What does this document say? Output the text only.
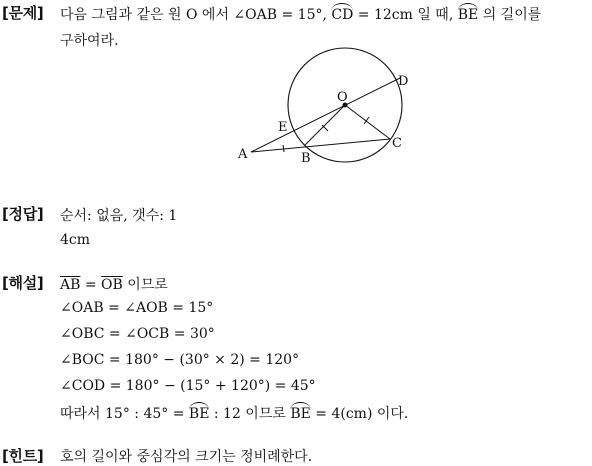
[문제] 다음 그림과 같은 원 O 에서 ∠OAB = 15°, CD = 12cm 일 때, BE 의 길이를
구하여라.
O
D
E
A	B
C
[정답] 순서: 없음, 갯수: 1
4cm
[해설] $\overline{AB} = \overline{OB}$ 이므로
∠OAB = ∠AOB = 15°
∠OBC = ∠OCB = 30°
∠BOC = 180° − (30° × 2) = 120°
∠COD = 180° − (15° + 120°) = 45°
따라서 15° : 45° = BE : 12 이므로 BE = 4(cm) 이다.
[힌트] 호의 길이와 중심각의 크기는 정비례한다.
